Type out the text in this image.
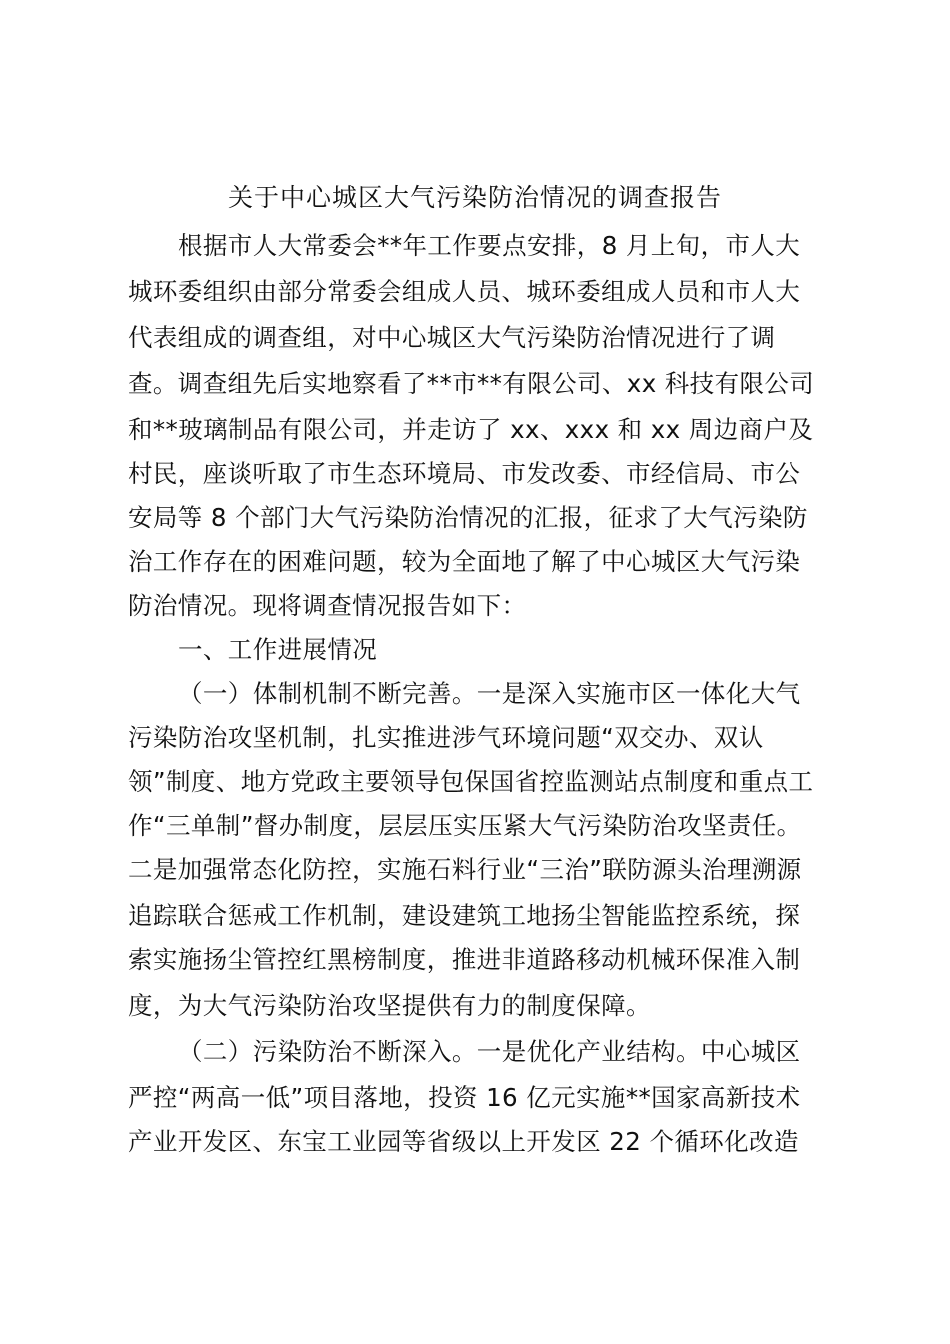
关于中心城区大气污染防治情况的调查报告
根据市人大常委会**年工作要点安排，8 月上旬，市人大
城环委组织由部分常委会组成人员、城环委组成人员和市人大
代表组成的调查组，对中心城区大气污染防治情况进行了调
查。调查组先后实地察看了**市**有限公司、xx 科技有限公司
和**玻璃制品有限公司，并走访了 xx、xxx 和 xx 周边商户及
村民，座谈听取了市生态环境局、市发改委、市经信局、市公
安局等 8 个部门大气污染防治情况的汇报，征求了大气污染防
治工作存在的困难问题，较为全面地了解了中心城区大气污染
防治情况。现将调查情况报告如下：
一、工作进展情况
（一）体制机制不断完善。一是深入实施市区一体化大气
污染防治攻坚机制，扎实推进涉气环境问题“双交办、双认
领”制度、地方党政主要领导包保国省控监测站点制度和重点工
作“三单制”督办制度，层层压实压紧大气污染防治攻坚责任。
二是加强常态化防控，实施石料行业“三治”联防源头治理溯源
追踪联合惩戒工作机制，建设建筑工地扬尘智能监控系统，探
索实施扬尘管控红黑榜制度，推进非道路移动机械环保准入制
度，为大气污染防治攻坚提供有力的制度保障。
（二）污染防治不断深入。一是优化产业结构。中心城区
严控“两高一低”项目落地，投资 16 亿元实施**国家高新技术
产业开发区、东宝工业园等省级以上开发区 22 个循环化改造
